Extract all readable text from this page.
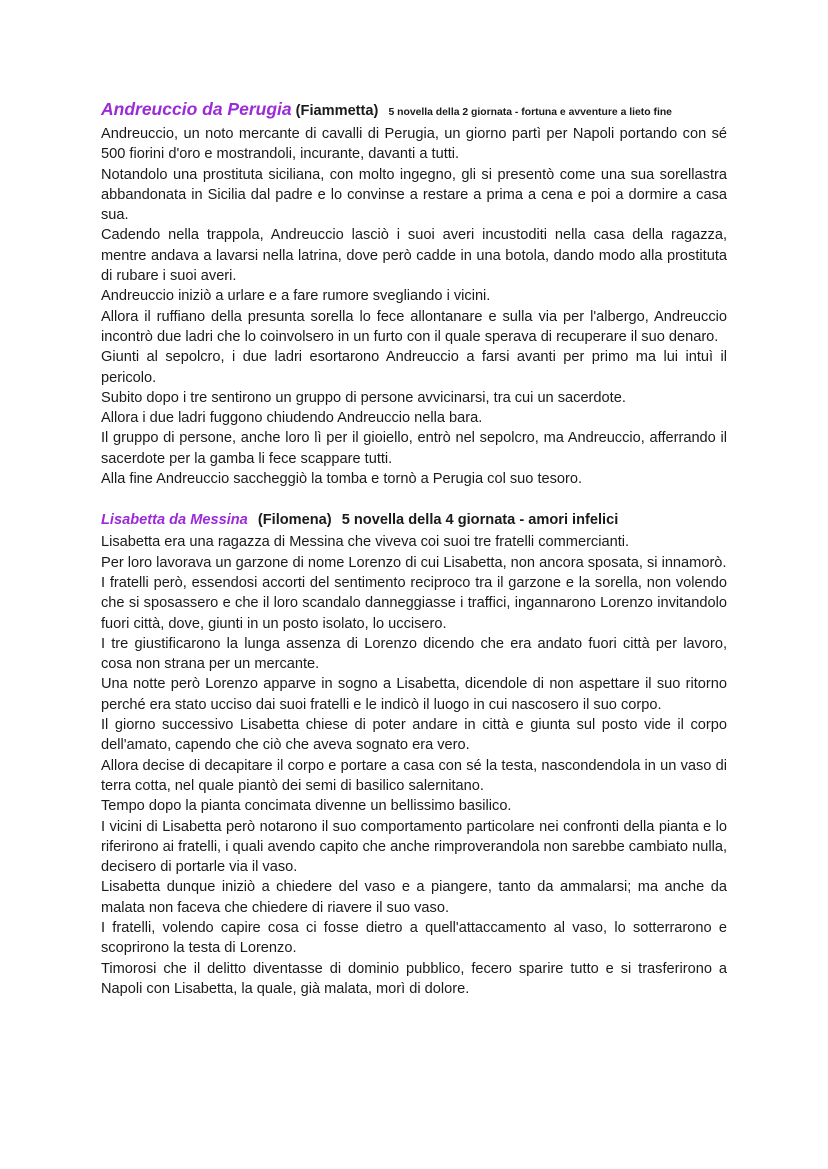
Andreuccio da Perugia (Fiammetta) 5 novella della 2 giornata - fortuna e avventure a lieto fine

Andreuccio, un noto mercante di cavalli di Perugia, un giorno partì per Napoli portando con sé 500 fiorini d'oro e mostrandoli, incurante, davanti a tutti.

Notandolo una prostituta siciliana, con molto ingegno, gli si presentò come una sua sorellastra abbandonata in Sicilia dal padre e lo convinse a restare a prima a cena e poi a dormire a casa sua.

Cadendo nella trappola, Andreuccio lasciò i suoi averi incustoditi nella casa della ragazza, mentre andava a lavarsi nella latrina, dove però cadde in una botola, dando modo alla prostituta di rubare i suoi averi.

Andreuccio iniziò a urlare e a fare rumore svegliando i vicini.

Allora il ruffiano della presunta sorella lo fece allontanare e sulla via per l'albergo, Andreuccio incontrò due ladri che lo coinvolsero in un furto con il quale sperava di recuperare il suo denaro.

Giunti al sepolcro, i due ladri esortarono Andreuccio a farsi avanti per primo ma lui intuì il pericolo.

Subito dopo i tre sentirono un gruppo di persone avvicinarsi, tra cui un sacerdote.

Allora i due ladri fuggono chiudendo Andreuccio nella bara.

Il gruppo di persone, anche loro lì per il gioiello, entrò nel sepolcro, ma Andreuccio, afferrando il sacerdote per la gamba li fece scappare tutti.

Alla fine Andreuccio saccheggiò la tomba e tornò a Perugia col suo tesoro.

Lisabetta da Messina (Filomena) 5 novella della 4 giornata - amori infelici

Lisabetta era una ragazza di Messina che viveva coi suoi tre fratelli commercianti.

Per loro lavorava un garzone di nome Lorenzo di cui Lisabetta, non ancora sposata, si innamorò.

I fratelli però, essendosi accorti del sentimento reciproco tra il garzone e la sorella, non volendo che si sposassero e che il loro scandalo danneggiasse i traffici, ingannarono Lorenzo invitandolo fuori città, dove, giunti in un posto isolato, lo uccisero.

I tre giustificarono la lunga assenza di Lorenzo dicendo che era andato fuori città per lavoro, cosa non strana per un mercante.

Una notte però Lorenzo apparve in sogno a Lisabetta, dicendole di non aspettare il suo ritorno perché era stato ucciso dai suoi fratelli e le indicò il luogo in cui nascosero il suo corpo.

Il giorno successivo Lisabetta chiese di poter andare in città e giunta sul posto vide il corpo dell'amato, capendo che ciò che aveva sognato era vero.

Allora decise di decapitare il corpo e portare a casa con sé la testa, nascondendola in un vaso di terra cotta, nel quale piantò dei semi di basilico salernitano.

Tempo dopo la pianta concimata divenne un bellissimo basilico.

I vicini di Lisabetta però notarono il suo comportamento particolare nei confronti della pianta e lo riferirono ai fratelli, i quali avendo capito che anche rimproverandola non sarebbe cambiato nulla, decisero di portarle via il vaso.

Lisabetta dunque iniziò a chiedere del vaso e a piangere, tanto da ammalarsi; ma anche da malata non faceva che chiedere di riavere il suo vaso.

I fratelli, volendo capire cosa ci fosse dietro a quell'attaccamento al vaso, lo sotterrarono e scoprirono la testa di Lorenzo.

Timorosi che il delitto diventasse di dominio pubblico, fecero sparire tutto e si trasferirono a Napoli con Lisabetta, la quale, già malata, morì di dolore.
